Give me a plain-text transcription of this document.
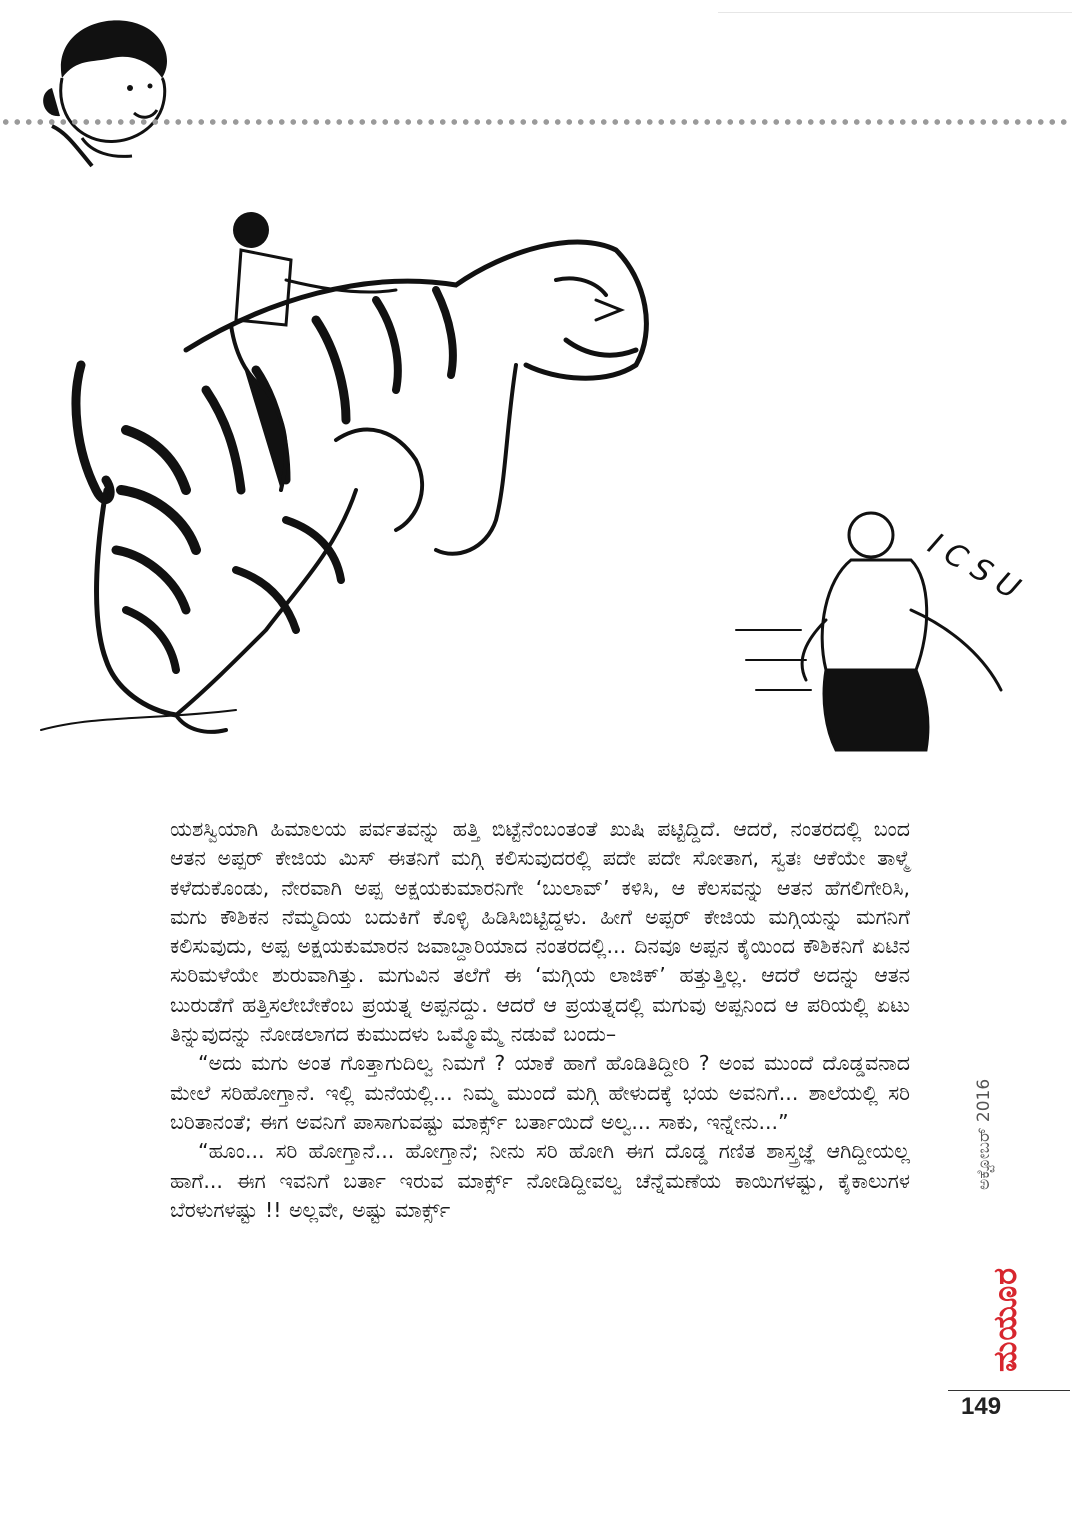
I C S U

ಯಶಸ್ವಿಯಾಗಿ ಹಿಮಾಲಯ ಪರ್ವತವನ್ನು ಹತ್ತಿ ಬಿಟ್ಟೆನೆಂಬಂತಂತೆ ಖುಷಿ ಪಟ್ಟಿದ್ದಿದೆ. ಆದರೆ, ನಂತರದಲ್ಲಿ ಬಂದ ಆತನ ಅಪ್ಪರ್ ಕೇಜಿಯ ಮಿಸ್ ಈತನಿಗೆ ಮಗ್ಗಿ ಕಲಿಸುವುದರಲ್ಲಿ ಪದೇ ಪದೇ ಸೋತಾಗ, ಸ್ವತಃ ಆಕೆಯೇ ತಾಳ್ಮೆ ಕಳೆದುಕೊಂಡು, ನೇರವಾಗಿ ಅಪ್ಪ ಅಕ್ಷಯಕುಮಾರನಿಗೇ ‘ಬುಲಾವ್’ ಕಳಿಸಿ, ಆ ಕೆಲಸವನ್ನು ಆತನ ಹೆಗಲಿಗೇರಿಸಿ, ಮಗು ಕೌಶಿಕನ ನೆಮ್ಮದಿಯ ಬದುಕಿಗೆ ಕೊಳ್ಳಿ ಹಿಡಿಸಿಬಿಟ್ಟಿದ್ದಳು. ಹೀಗೆ ಅಪ್ಪರ್ ಕೇಜಿಯ ಮಗ್ಗಿಯನ್ನು ಮಗನಿಗೆ ಕಲಿಸುವುದು, ಅಪ್ಪ ಅಕ್ಷಯಕುಮಾರನ ಜವಾಬ್ದಾರಿಯಾದ ನಂತರದಲ್ಲಿ... ದಿನವೂ ಅಪ್ಪನ ಕೈಯಿಂದ ಕೌಶಿಕನಿಗೆ ಏಟಿನ ಸುರಿಮಳೆಯೇ ಶುರುವಾಗಿತ್ತು. ಮಗುವಿನ ತಲೆಗೆ ಈ ‘ಮಗ್ಗಿಯ ಲಾಜಿಕ್’ ಹತ್ತುತ್ತಿಲ್ಲ. ಆದರೆ ಅದನ್ನು ಆತನ ಬುರುಡೆಗೆ ಹತ್ತಿಸಲೇಬೇಕೆಂಬ ಪ್ರಯತ್ನ ಅಪ್ಪನದ್ದು. ಆದರೆ ಆ ಪ್ರಯತ್ನದಲ್ಲಿ ಮಗುವು ಅಪ್ಪನಿಂದ ಆ ಪರಿಯಲ್ಲಿ ಏಟು ತಿನ್ನುವುದನ್ನು ನೋಡಲಾಗದ ಕುಮುದಳು ಒಮ್ಮೊಮ್ಮೆ ನಡುವೆ ಬಂದು–

“ಅದು ಮಗು ಅಂತ ಗೊತ್ತಾಗುದಿಲ್ವ ನಿಮಗೆ ? ಯಾಕೆ ಹಾಗೆ ಹೊಡಿತಿದ್ದೀರಿ ? ಅಂವ ಮುಂದೆ ದೊಡ್ಡವನಾದ ಮೇಲೆ ಸರಿಹೋಗ್ತಾನೆ. ಇಲ್ಲಿ ಮನೆಯಲ್ಲಿ... ನಿಮ್ಮ ಮುಂದೆ ಮಗ್ಗಿ ಹೇಳುದಕ್ಕೆ ಭಯ ಅವನಿಗೆ... ಶಾಲೆಯಲ್ಲಿ ಸರಿ ಬರಿತಾನಂತೆ; ಈಗ ಅವನಿಗೆ ಪಾಸಾಗುವಷ್ಟು ಮಾರ್ಕ್ಸ್ ಬರ್ತಾಯಿದೆ ಅಲ್ವ... ಸಾಕು, ಇನ್ನೇನು...”

“ಹೂಂ... ಸರಿ ಹೋಗ್ತಾನೆ... ಹೋಗ್ತಾನೆ; ನೀನು ಸರಿ ಹೋಗಿ ಈಗ ದೊಡ್ಡ ಗಣಿತ ಶಾಸ್ತ್ರಜ್ಞೆ ಆಗಿದ್ದೀಯಲ್ಲ ಹಾಗೆ... ಈಗ ಇವನಿಗೆ ಬರ್ತಾ ಇರುವ ಮಾರ್ಕ್ಸ್ ನೋಡಿದ್ದೀವಲ್ವ ಚೆನ್ನೆಮಣೆಯ ಕಾಯಿಗಳಷ್ಟು, ಕೈಕಾಲುಗಳ ಬೆರಳುಗಳಷ್ಟು !! ಅಲ್ಲವೇ, ಅಷ್ಟು ಮಾರ್ಕ್ಸ್

ಅಕ್ಟೋಬರ್ 2016
ಮಯೂರ
149
